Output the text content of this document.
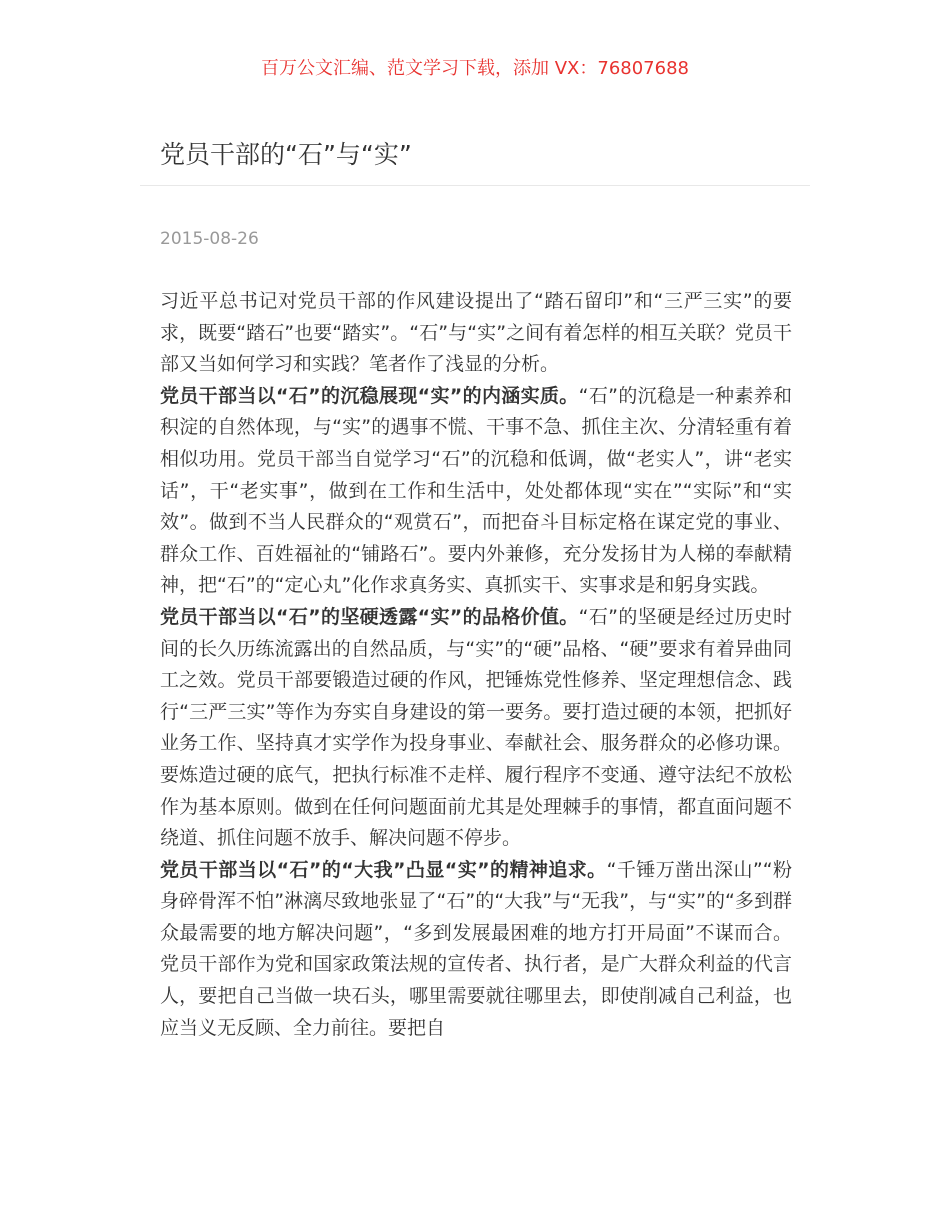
百万公文汇编、范文学习下载，添加 VX：76807688
党员干部的“石”与“实”
2015-08-26

习近平总书记对党员干部的作风建设提出了“踏石留印”和“三严三实”的要求，既要“踏石”也要“踏实”。“石”与“实”之间有着怎样的相互关联？党员干部又当如何学习和实践？笔者作了浅显的分析。

党员干部当以“石”的沉稳展现“实”的内涵实质。“石”的沉稳是一种素养和积淀的自然体现，与“实”的遇事不慌、干事不急、抓住主次、分清轻重有着相似功用。党员干部当自觉学习“石”的沉稳和低调，做“老实人”，讲“老实话”，干“老实事”，做到在工作和生活中，处处都体现“实在”“实际”和“实效”。做到不当人民群众的“观赏石”，而把奋斗目标定格在谋定党的事业、群众工作、百姓福祉的“铺路石”。要内外兼修，充分发扬甘为人梯的奉献精神，把“石”的“定心丸”化作求真务实、真抓实干、实事求是和躬身实践。

党员干部当以“石”的坚硬透露“实”的品格价值。“石”的坚硬是经过历史时间的长久历练流露出的自然品质，与“实”的“硬”品格、“硬”要求有着异曲同工之效。党员干部要锻造过硬的作风，把锤炼党性修养、坚定理想信念、践行“三严三实”等作为夯实自身建设的第一要务。要打造过硬的本领，把抓好业务工作、坚持真才实学作为投身事业、奉献社会、服务群众的必修功课。要炼造过硬的底气，把执行标准不走样、履行程序不变通、遵守法纪不放松作为基本原则。做到在任何问题面前尤其是处理棘手的事情，都直面问题不绕道、抓住问题不放手、解决问题不停步。

党员干部当以“石”的“大我”凸显“实”的精神追求。“千锤万凿出深山”“粉身碎骨浑不怕”淋漓尽致地张显了“石”的“大我”与“无我”，与“实”的“多到群众最需要的地方解决问题”，“多到发展最困难的地方打开局面”不谋而合。党员干部作为党和国家政策法规的宣传者、执行者，是广大群众利益的代言人，要把自己当做一块石头，哪里需要就往哪里去，即使削减自己利益，也应当义无反顾、全力前往。要把自
